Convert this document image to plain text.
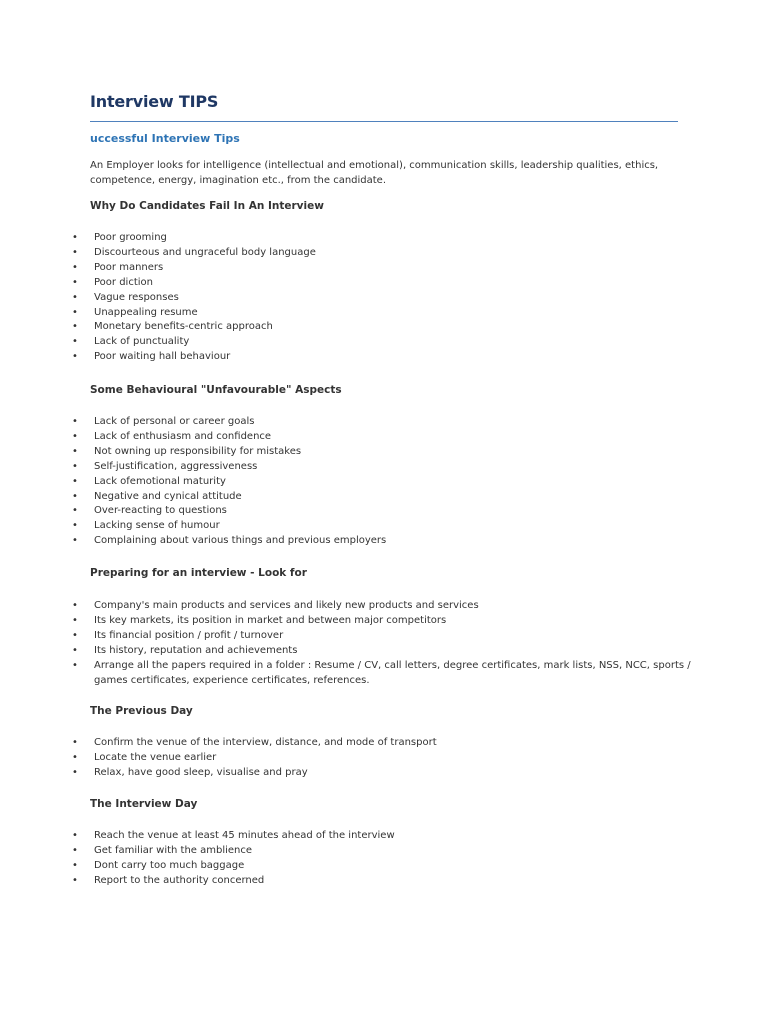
Interview TIPS
uccessful Interview Tips

An Employer looks for intelligence (intellectual and emotional), communication skills, leadership qualities, ethics, competence, energy, imagination etc., from the candidate.

Why Do Candidates Fail In An Interview
•	Poor grooming
•	Discourteous and ungraceful body language
•	Poor manners
•	Poor diction
•	Vague responses
•	Unappealing resume
•	Monetary benefits-centric approach
•	Lack of punctuality
•	Poor waiting hall behaviour
Some Behavioural "Unfavourable" Aspects
•	Lack of personal or career goals
•	Lack of enthusiasm and confidence
•	Not owning up responsibility for mistakes
•	Self-justification, aggressiveness
•	Lack ofemotional maturity
•	Negative and cynical attitude
•	Over-reacting to questions
•	Lacking sense of humour
•	Complaining about various things and previous employers
Preparing for an interview - Look for
•	Company's main products and services and likely new products and services
•	Its key markets, its position in market and between major competitors
•	Its financial position / profit / turnover
•	Its history, reputation and achievements
•	Arrange all the papers required in a folder : Resume / CV, call letters, degree certificates, mark lists, NSS, NCC, sports / games certificates, experience certificates, references.
The Previous Day
•	Confirm the venue of the interview, distance, and mode of transport
•	Locate the venue earlier
•	Relax, have good sleep, visualise and pray
The Interview Day
•	Reach the venue at least 45 minutes ahead of the interview
•	Get familiar with the amblience
•	Dont carry too much baggage
•	Report to the authority concerned
